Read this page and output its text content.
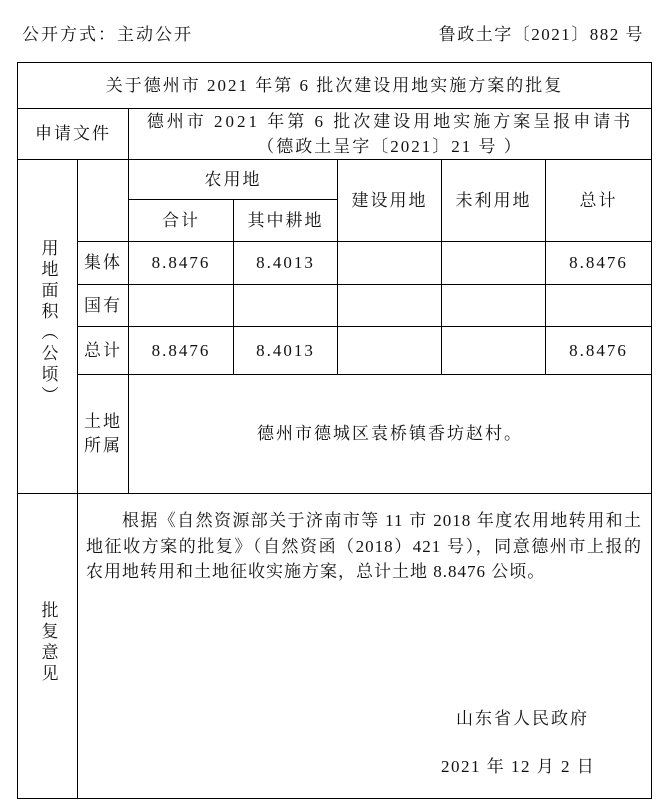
公开方式：主动公开	鲁政土字〔2021〕882 号
关于德州市 2021 年第 6 批次建设用地实施方案的批复						
申请文件		德州市 2021 年第 6 批次建设用地实施方案呈报申请书
（德政土呈字〔2021〕21 号 ）				

用地面积（公顷）		农用地		建设用地	未利用地	总计
		合计	其中耕地			
	集体	8.8476	8.4013			8.8476
	国有					
	总计	8.8476	8.4013			8.8476
	土地所属	德州市德城区袁桥镇香坊赵村。				
批复意见	根据《自然资源部关于济南市等 11 市 2018 年度农用地转用和土地征收方案的批复》（自然资函（2018）421 号），同意德州市上报的农用地转用和土地征收实施方案，总计土地 8.8476 公顷。

山东省人民政府
2021 年 12 月 2 日					
